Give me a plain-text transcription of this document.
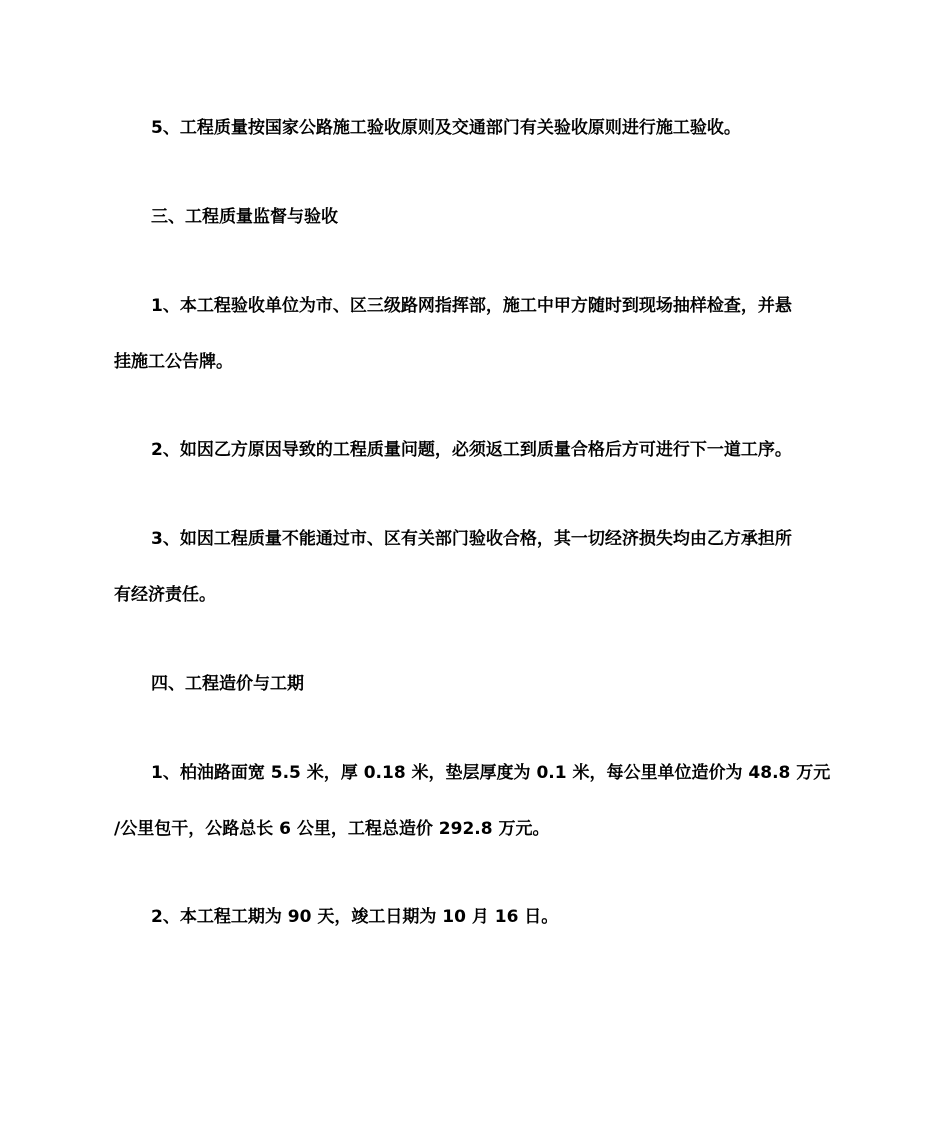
5、工程质量按国家公路施工验收原则及交通部门有关验收原则进行施工验收。
三、工程质量监督与验收
1、本工程验收单位为市、区三级路网指挥部，施工中甲方随时到现场抽样检查，并悬
挂施工公告牌。
2、如因乙方原因导致的工程质量问题，必须返工到质量合格后方可进行下一道工序。
3、如因工程质量不能通过市、区有关部门验收合格，其一切经济损失均由乙方承担所
有经济责任。
四、工程造价与工期
1、柏油路面宽 5.5 米，厚 0.18 米，垫层厚度为 0.1 米，每公里单位造价为 48.8 万元
/公里包干，公路总长 6 公里，工程总造价 292.8 万元。
2、本工程工期为 90 天，竣工日期为 10 月 16 日。
